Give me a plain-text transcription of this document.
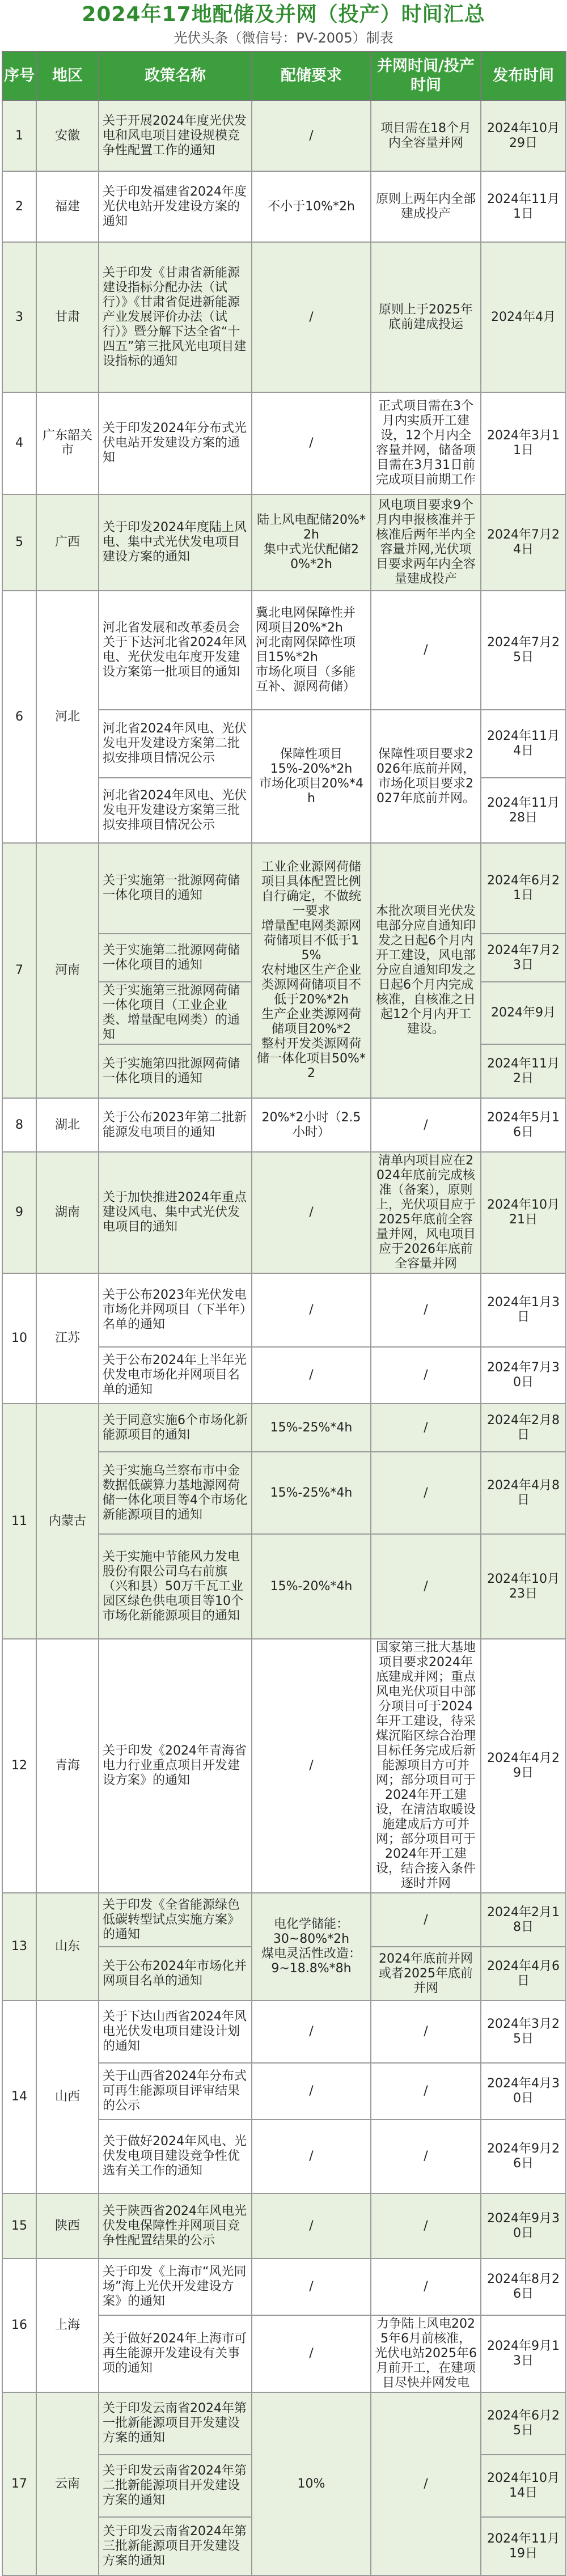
2024年17地配储及并网（投产）时间汇总
光伏头条（微信号：PV-2005）制表
序号	地区	政策名称	配储要求	并网时间/投产时间	发布时间
1	安徽	关于开展2024年度光伏发电和风电项目建设规模竞争性配置工作的通知	/	项目需在18个月内全容量并网	2024年10月29日
2	福建	关于印发福建省2024年度光伏电站开发建设方案的通知	不小于10%*2h	原则上两年内全部建成投产	2024年11月1日
3	甘肃	关于印发《甘肃省新能源建设指标分配办法（试行）》《甘肃省促进新能源产业发展评价办法（试行）》暨分解下达全省“十四五”第三批风光电项目建设指标的通知	/	原则上于2025年底前建成投运	2024年4月
4	广东韶关市	关于印发2024年分布式光伏电站开发建设方案的通知	/	正式项目需在3个月内实质开工建设，12个月内全容量并网，储备项目需在3月31日前完成项目前期工作	2024年3月11日
5	广西	关于印发2024年度陆上风电、集中式光伏发电项目建设方案的通知	陆上风电配储20%*2h
集中式光伏配储20%*2h	风电项目要求9个月内申报核准并于核准后两年半内全容量并网,光伏项目要求两年内全容量建成投产	2024年7月24日
6	河北	河北省发展和改革委员会关于下达河北省2024年风电、光伏发电年度开发建设方案第一批项目的通知	冀北电网保障性并网项目20%*2h
河北南网保障性项目15%*2h
市场化项目（多能互补、源网荷储）	/	2024年7月25日
		河北省2024年风电、光伏发电开发建设方案第二批拟安排项目情况公示	保障性项目
15%-20%*2h
市场化项目20%*4h	保障性项目要求2026年底前并网，市场化项目要求2027年底前并网。	2024年11月4日
		河北省2024年风电、光伏发电开发建设方案第三批拟安排项目情况公示			2024年11月28日
7	河南	关于实施第一批源网荷储一体化项目的通知	工业企业源网荷储项目具体配置比例自行确定，不做统一要求
增量配电网类源网荷储项目不低于15%
农村地区生产企业类源网荷储项目不低于20%*2h
生产企业类源网荷储项目20%*2
整村开发类源网荷储一体化项目50%*2	本批次项目光伏发电部分应自通知印发之日起6个月内开工建设，风电部分应自通知印发之日起6个月内完成核准，自核准之日起12个月内开工建设。	2024年6月21日
		关于实施第二批源网荷储一体化项目的通知			2024年7月23日
		关于实施第三批源网荷储一体化项目（工业企业类、增量配电网类）的通知			2024年9月
		关于实施第四批源网荷储一体化项目的通知			2024年11月2日
8	湖北	关于公布2023年第二批新能源发电项目的通知	20%*2小时（2.5小时）	/	2024年5月16日
9	湖南	关于加快推进2024年重点建设风电、集中式光伏发电项目的通知	/	清单内项目应在2024年底前完成核准（备案），原则上，光伏项目应于2025年底前全容量并网，风电项目应于2026年底前全容量并网	2024年10月21日
10	江苏	关于公布2023年光伏发电市场化并网项目（下半年）名单的通知	/	/	2024年1月3日
		关于公布2024年上半年光伏发电市场化并网项目名单的通知	/	/	2024年7月30日
11	内蒙古	关于同意实施6个市场化新能源项目的通知	15%-25%*4h	/	2024年2月8日
		关于实施乌兰察布市中金数据低碳算力基地源网荷储一体化项目等4个市场化新能源项目的通知	15%-25%*4h	/	2024年4月8日
		关于实施中节能风力发电股份有限公司乌右前旗（兴和县）50万千瓦工业园区绿色供电项目等10个市场化新能源项目的通知	15%-20%*4h	/	2024年10月23日
12	青海	关于印发《2024年青海省电力行业重点项目开发建设方案》的通知	/	国家第三批大基地项目要求2024年底建成并网；重点风电光伏项目中部分项目可于2024年开工建设，待采煤沉陷区综合治理目标任务完成后新能源项目方可并网；部分项目可于2024年开工建设，在清洁取暖设施建成后方可并网；部分项目可于2024年开工建设，结合接入条件逐时并网	2024年4月29日
13	山东	关于印发《全省能源绿色低碳转型试点实施方案》的通知	电化学储能：
30~80%*2h
煤电灵活性改造：
9~18.8%*8h	/	2024年2月18日
		关于公布2024年市场化并网项目名单的通知		2024年底前并网或者2025年底前并网	2024年4月6日
14	山西	关于下达山西省2024年风电光伏发电项目建设计划的通知	/	/	2024年3月25日
		关于山西省2024年分布式可再生能源项目评审结果的公示	/	/	2024年4月30日
		关于做好2024年风电、光伏发电项目建设竞争性优选有关工作的通知	/	/	2024年9月26日
15	陕西	关于陕西省2024年风电光伏发电保障性并网项目竞争性配置结果的公示	/	/	2024年9月30日
16	上海	关于印发《上海市“风光同场”海上光伏开发建设方案》的通知	/	/	2024年8月26日
		关于做好2024年上海市可再生能源开发建设有关事项的通知	/	力争陆上风电2025年6月前核准，光伏电站2025年6月前开工，在建项目尽快并网发电	2024年9月13日
17	云南	关于印发云南省2024年第一批新能源项目开发建设方案的通知	10%	/	2024年6月25日
		关于印发云南省2024年第二批新能源项目开发建设方案的通知			2024年10月14日
		关于印发云南省2024年第三批新能源项目开发建设方案的通知			2024年11月19日
